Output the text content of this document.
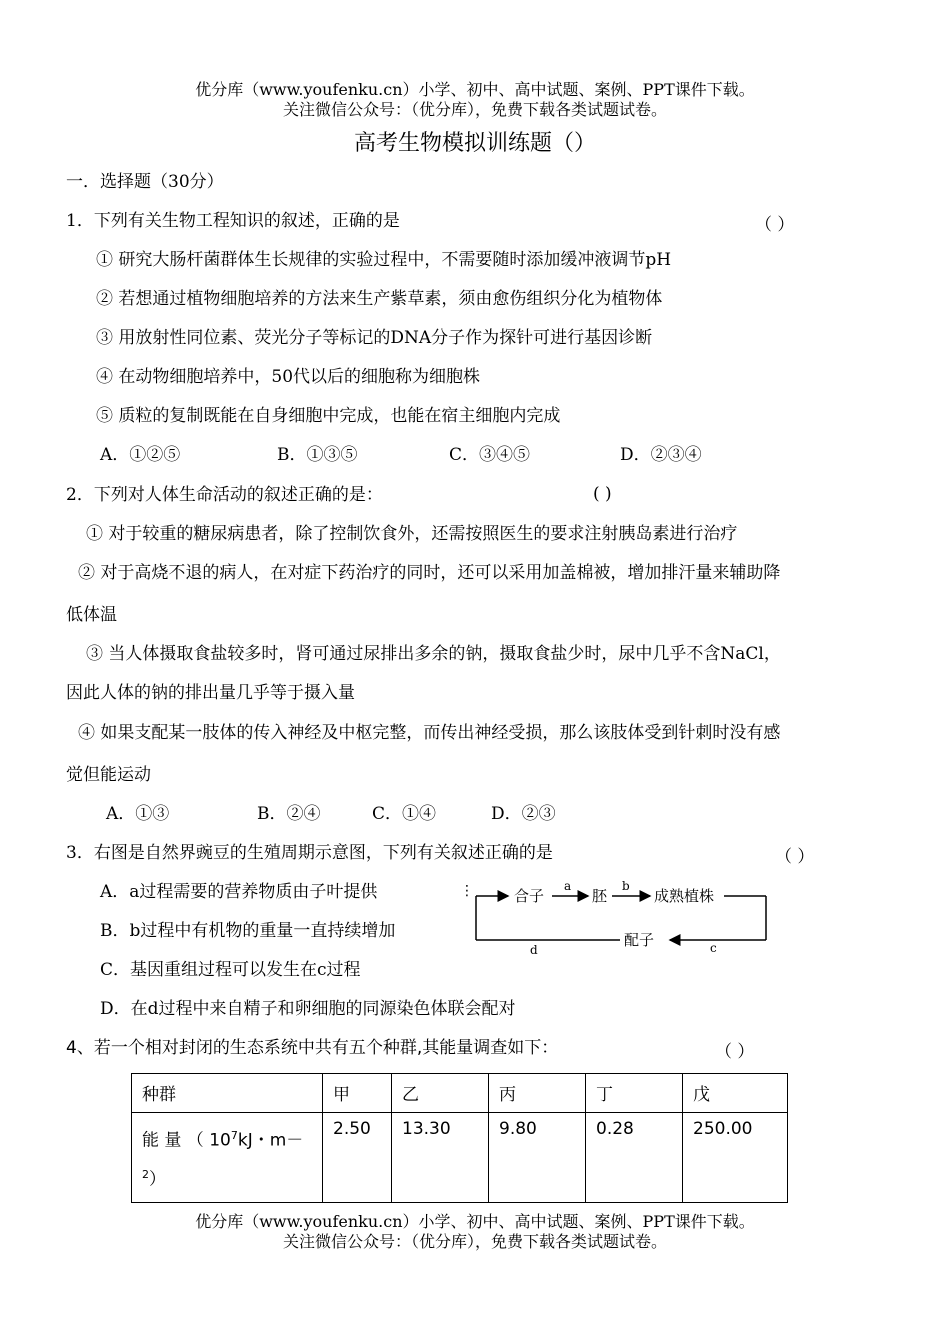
优分库（www.youfenku.cn）小学、初中、高中试题、案例、PPT课件下载。
关注微信公众号：（优分库），免费下载各类试题试卷。
高考生物模拟训练题（）
一．选择题（30分）
1．下列有关生物工程知识的叙述，正确的是	（ ）
① 研究大肠杆菌群体生长规律的实验过程中，不需要随时添加缓冲液调节pH
② 若想通过植物细胞培养的方法来生产紫草素，须由愈伤组织分化为植物体
③ 用放射性同位素、荧光分子等标记的DNA分子作为探针可进行基因诊断
④ 在动物细胞培养中，50代以后的细胞称为细胞株
⑤ 质粒的复制既能在自身细胞中完成，也能在宿主细胞内完成
A．①②⑤	B．①③⑤	C．③④⑤	D．②③④
2．下列对人体生命活动的叙述正确的是：	( )
① 对于较重的糖尿病患者，除了控制饮食外，还需按照医生的要求注射胰岛素进行治疗
② 对于高烧不退的病人，在对症下药治疗的同时，还可以采用加盖棉被，增加排汗量来辅助降
低体温
③ 当人体摄取食盐较多时，肾可通过尿排出多余的钠，摄取食盐少时，尿中几乎不含NaCl，
因此人体的钠的排出量几乎等于摄入量
④ 如果支配某一肢体的传入神经及中枢完整，而传出神经受损，那么该肢体受到针刺时没有感
觉但能运动
A．①③	B．②④	C．①④	D．②③
3．右图是自然界豌豆的生殖周期示意图，下列有关叙述正确的是	（ ）
A．a过程需要的营养物质由子叶提供
B．b过程中有机物的重量一直持续增加
C．基因重组过程可以发生在c过程
D．在d过程中来自精子和卵细胞的同源染色体联会配对
⋮	合子
a
胚
b
成熟植株
c
配子
d
4、若一个相对封闭的生态系统中共有五个种群,其能量调查如下：	（ ）
种群	甲	乙	丙	丁	戊
能 量 （ $10^7kJ$・m－
$^2$）	2.50	13.30	9.80	0.28	250.00
优分库（www.youfenku.cn）小学、初中、高中试题、案例、PPT课件下载。
关注微信公众号：（优分库），免费下载各类试题试卷。
